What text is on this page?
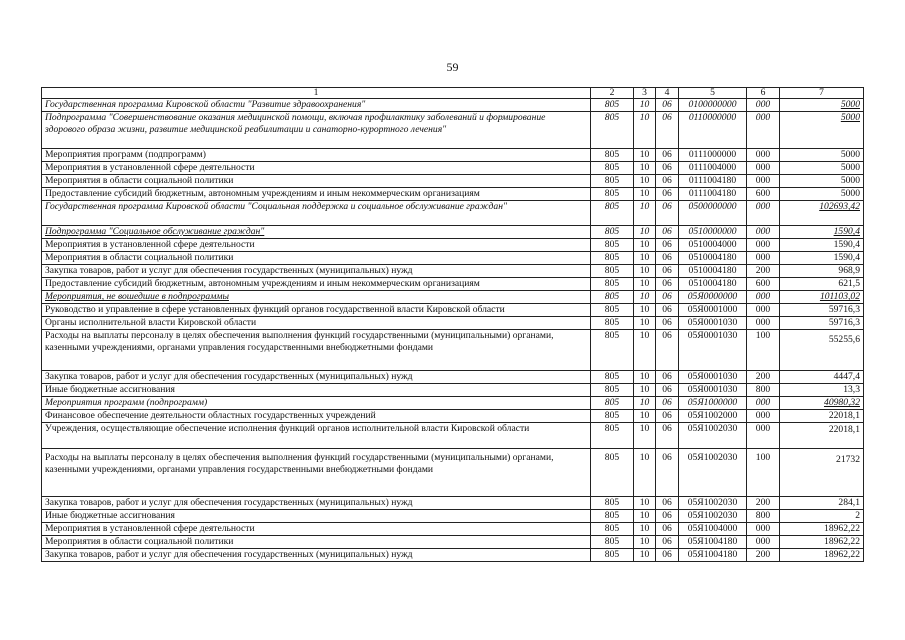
59
1	2	3	4	5	6	7
Государственная программа Кировской области "Развитие здравоохранения"	805	10	06	0100000000	000	5000
Подпрограмма "Совершенствование оказания медицинской помощи, включая профилактику заболеваний и формирование здорового образа жизни, развитие медицинской реабилитации и санаторно-курортного лечения"	805	10	06	0110000000	000	5000
Мероприятия программ (подпрограмм)	805	10	06	0111000000	000	5000
Мероприятия в установленной сфере деятельности	805	10	06	0111004000	000	5000
Мероприятия в области социальной политики	805	10	06	0111004180	000	5000
Предоставление субсидий бюджетным, автономным учреждениям и иным некоммерческим организациям	805	10	06	0111004180	600	5000
Государственная программа Кировской области "Социальная поддержка и социальное обслуживание граждан"	805	10	06	0500000000	000	102693,42
Подпрограмма "Социальное обслуживание граждан"	805	10	06	0510000000	000	1590,4
Мероприятия в установленной сфере деятельности	805	10	06	0510004000	000	1590,4
Мероприятия в области социальной политики	805	10	06	0510004180	000	1590,4
Закупка товаров, работ и услуг для обеспечения государственных (муниципальных) нужд	805	10	06	0510004180	200	968,9
Предоставление субсидий бюджетным, автономным учреждениям и иным некоммерческим организациям	805	10	06	0510004180	600	621,5
Мероприятия, не вошедшие в подпрограммы	805	10	06	05Я0000000	000	101103,02
Руководство и управление в сфере установленных функций органов государственной власти Кировской области	805	10	06	05Я0001000	000	59716,3
Органы исполнительной власти Кировской области	805	10	06	05Я0001030	000	59716,3
Расходы на выплаты персоналу в целях обеспечения выполнения функций государственными (муниципальными) органами, казенными учреждениями, органами управления государственными внебюджетными фондами	805	10	06	05Я0001030	100	55255,6
Закупка товаров, работ и услуг для обеспечения государственных (муниципальных) нужд	805	10	06	05Я0001030	200	4447,4
Иные бюджетные ассигнования	805	10	06	05Я0001030	800	13,3
Мероприятия программ (подпрограмм)	805	10	06	05Я1000000	000	40980,32
Финансовое обеспечение деятельности областных государственных учреждений	805	10	06	05Я1002000	000	22018,1
Учреждения, осуществляющие обеспечение исполнения функций органов исполнительной власти Кировской области	805	10	06	05Я1002030	000	22018,1
Расходы на выплаты персоналу в целях обеспечения выполнения функций государственными (муниципальными) органами, казенными учреждениями, органами управления государственными внебюджетными фондами	805	10	06	05Я1002030	100	21732
Закупка товаров, работ и услуг для обеспечения государственных (муниципальных) нужд	805	10	06	05Я1002030	200	284,1
Иные бюджетные ассигнования	805	10	06	05Я1002030	800	2
Мероприятия в установленной сфере деятельности	805	10	06	05Я1004000	000	18962,22
Мероприятия в области социальной политики	805	10	06	05Я1004180	000	18962,22
Закупка товаров, работ и услуг для обеспечения государственных (муниципальных) нужд	805	10	06	05Я1004180	200	18962,22
